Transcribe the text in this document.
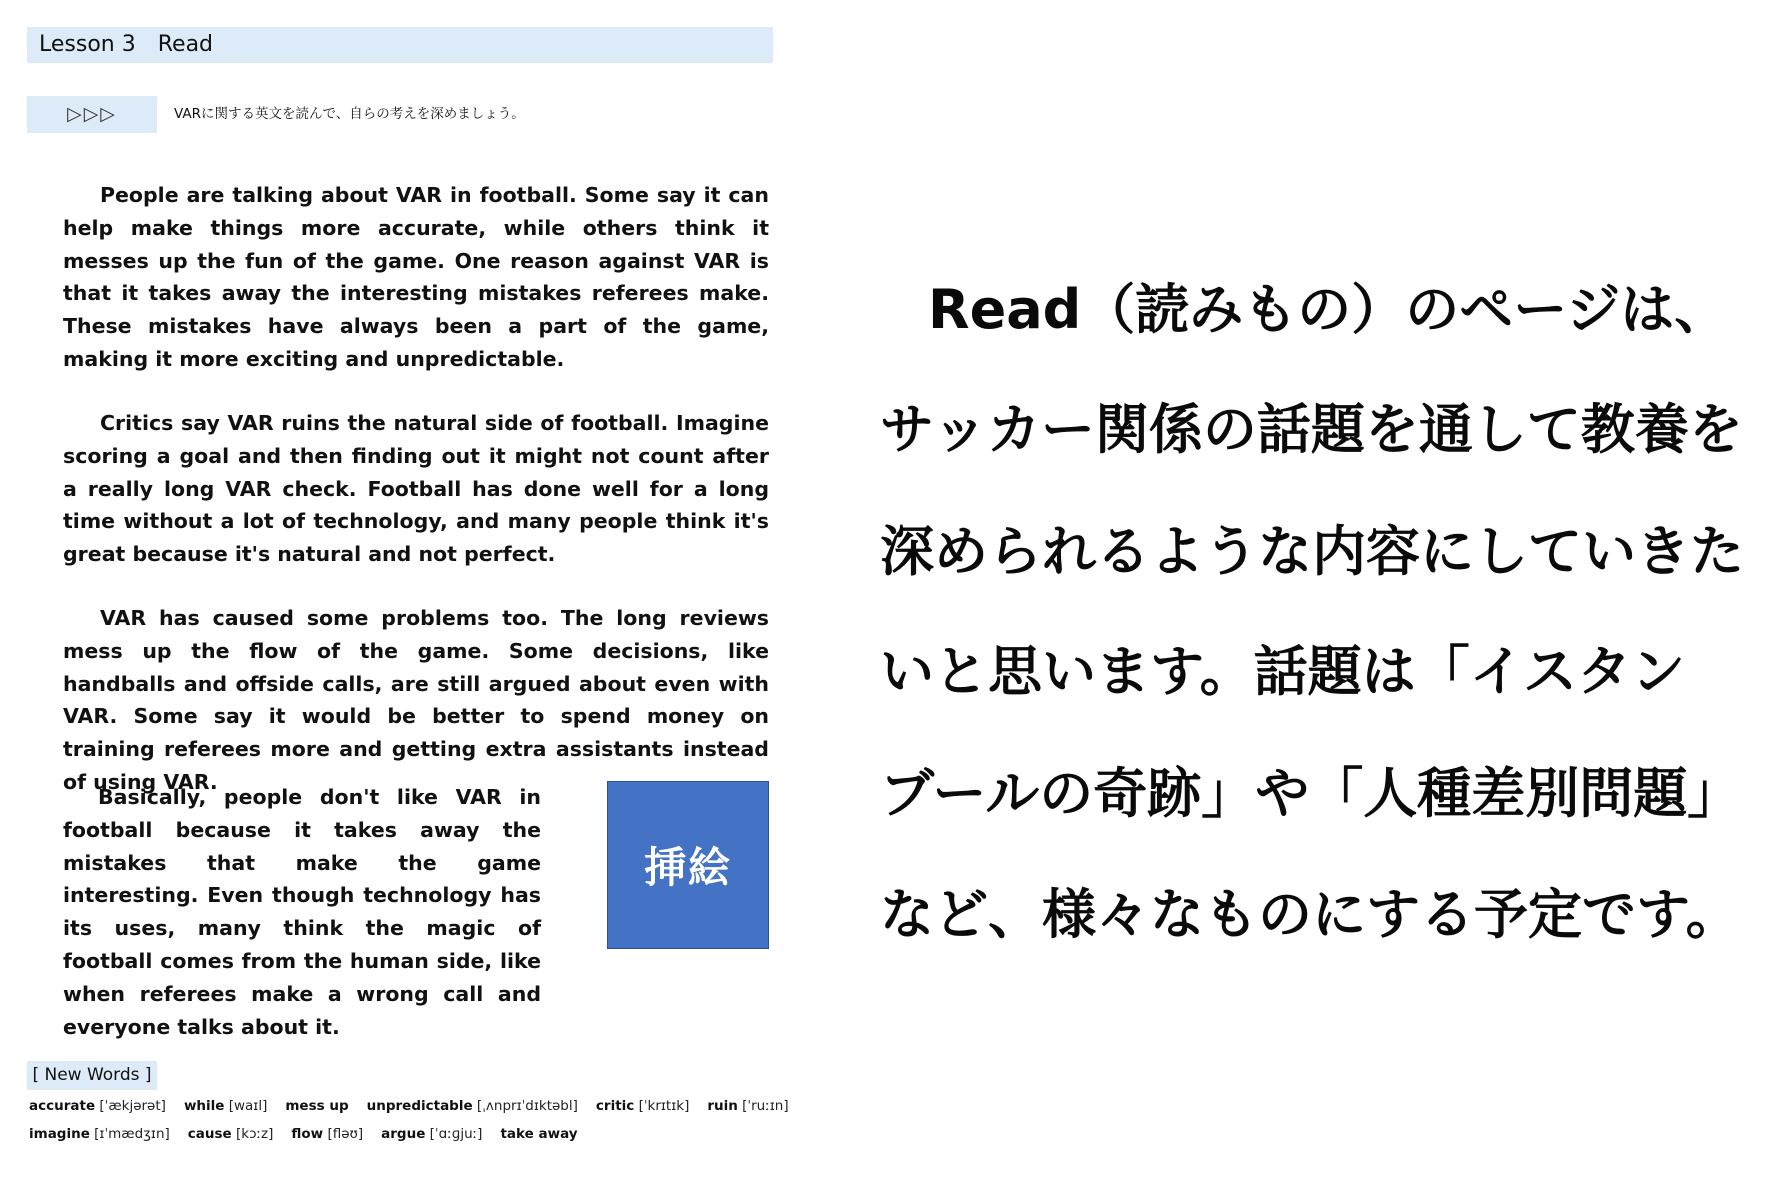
Lesson 3 Read
▷▷▷	VARに関する英文を読んで、自らの考えを深めましょう。

People are talking about VAR in football. Some say it can help make things more accurate, while others think it messes up the fun of the game. One reason against VAR is that it takes away the interesting mistakes referees make. These mistakes have always been a part of the game, making it more exciting and unpredictable.

Critics say VAR ruins the natural side of football. Imagine scoring a goal and then finding out it might not count after a really long VAR check. Football has done well for a long time without a lot of technology, and many people think it's great because it's natural and not perfect.

VAR has caused some problems too. The long reviews mess up the flow of the game. Some decisions, like handballs and offside calls, are still argued about even with VAR. Some say it would be better to spend money on training referees more and getting extra assistants instead of using VAR.

Basically, people don't like VAR in football because it takes away the mistakes that make the game interesting. Even though technology has its uses, many think the magic of football comes from the human side, like when referees make a wrong call and everyone talks about it.

挿絵
[ New Words ]
accurate [ˈækjərət] while [waɪl] mess up unpredictable [ˌʌnprɪˈdɪktəbl] critic [ˈkrɪtɪk] ruin [ˈruːɪn]
imagine [ɪˈmædʒɪn] cause [kɔːz] flow [fləʊ] argue [ˈɑːɡjuː] take away

Read（読みもの）のページは、

サッカー関係の話題を通して教養を

深められるような内容にしていきた

いと思います。話題は「イスタン

ブールの奇跡」や「人種差別問題」

など、様々なものにする予定です。
